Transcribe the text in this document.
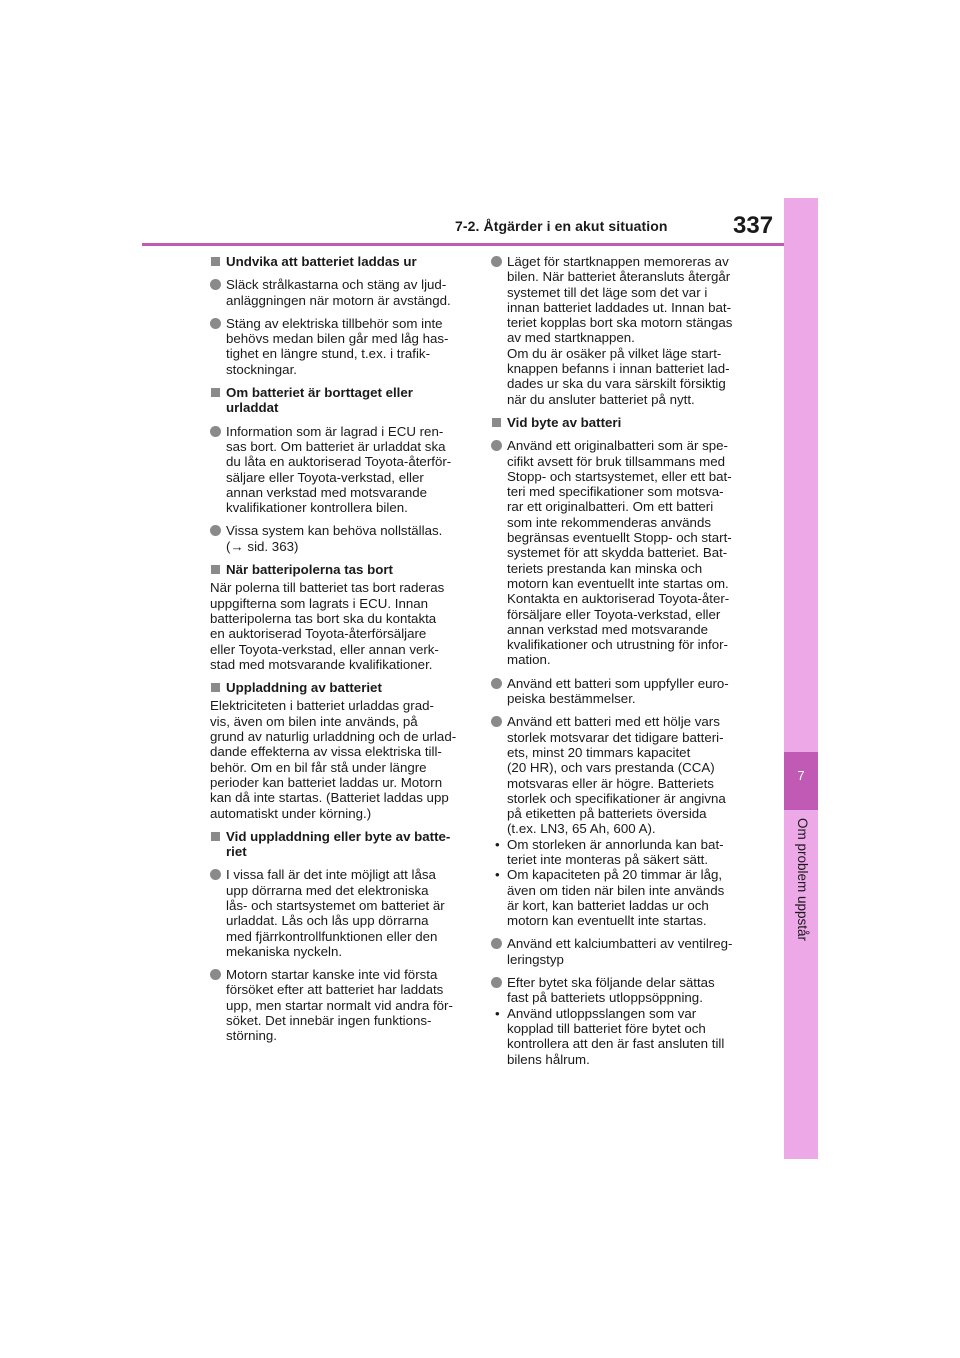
7-2. Åtgärder i en akut situation	337
7
Om problem uppstår

Undvika att batteriet laddas ur

Släck strålkastarna och stäng av ljud-
anläggningen när motorn är avstängd.

Stäng av elektriska tillbehör som inte
behövs medan bilen går med låg has-
tighet en längre stund, t.ex. i trafik-
stockningar.

Om batteriet är borttaget eller
urladdat

Information som är lagrad i ECU ren-
sas bort. Om batteriet är urladdat ska
du låta en auktoriserad Toyota-återför-
säljare eller Toyota-verkstad, eller
annan verkstad med motsvarande
kvalifikationer kontrollera bilen.

Vissa system kan behöva nollställas.
(→ sid. 363)

När batteripolerna tas bort

När polerna till batteriet tas bort raderas
uppgifterna som lagrats i ECU. Innan
batteripolerna tas bort ska du kontakta
en auktoriserad Toyota-återförsäljare
eller Toyota-verkstad, eller annan verk-
stad med motsvarande kvalifikationer.

Uppladdning av batteriet

Elektriciteten i batteriet urladdas grad-
vis, även om bilen inte används, på
grund av naturlig urladdning och de urlad-
dande effekterna av vissa elektriska till-
behör. Om en bil får stå under längre
perioder kan batteriet laddas ur. Motorn
kan då inte startas. (Batteriet laddas upp
automatiskt under körning.)

Vid uppladdning eller byte av batte-
riet

I vissa fall är det inte möjligt att låsa
upp dörrarna med det elektroniska
lås- och startsystemet om batteriet är
urladdat. Lås och lås upp dörrarna
med fjärrkontrollfunktionen eller den
mekaniska nyckeln.

Motorn startar kanske inte vid första
försöket efter att batteriet har laddats
upp, men startar normalt vid andra för-
söket. Det innebär ingen funktions-
störning.

Läget för startknappen memoreras av
bilen. När batteriet återansluts återgår
systemet till det läge som det var i
innan batteriet laddades ut. Innan bat-
teriet kopplas bort ska motorn stängas
av med startknappen.
Om du är osäker på vilket läge start-
knappen befanns i innan batteriet lad-
dades ur ska du vara särskilt försiktig
när du ansluter batteriet på nytt.

Vid byte av batteri

Använd ett originalbatteri som är spe-
cifikt avsett för bruk tillsammans med
Stopp- och startsystemet, eller ett bat-
teri med specifikationer som motsva-
rar ett originalbatteri. Om ett batteri
som inte rekommenderas används
begränsas eventuellt Stopp- och start-
systemet för att skydda batteriet. Bat-
teriets prestanda kan minska och
motorn kan eventuellt inte startas om.
Kontakta en auktoriserad Toyota-åter-
försäljare eller Toyota-verkstad, eller
annan verkstad med motsvarande
kvalifikationer och utrustning för infor-
mation.

Använd ett batteri som uppfyller euro-
peiska bestämmelser.

Använd ett batteri med ett hölje vars
storlek motsvarar det tidigare batteri-
ets, minst 20 timmars kapacitet
(20 HR), och vars prestanda (CCA)
motsvaras eller är högre. Batteriets
storlek och specifikationer är angivna
på etiketten på batteriets översida
(t.ex. LN3, 65 Ah, 600 A).

• Om storleken är annorlunda kan bat-
teriet inte monteras på säkert sätt.

• Om kapaciteten på 20 timmar är låg,
även om tiden när bilen inte används
är kort, kan batteriet laddas ur och
motorn kan eventuellt inte startas.

Använd ett kalciumbatteri av ventilreg-
leringstyp

Efter bytet ska följande delar sättas
fast på batteriets utloppsöppning.

• Använd utloppsslangen som var
kopplad till batteriet före bytet och
kontrollera att den är fast ansluten till
bilens hålrum.
